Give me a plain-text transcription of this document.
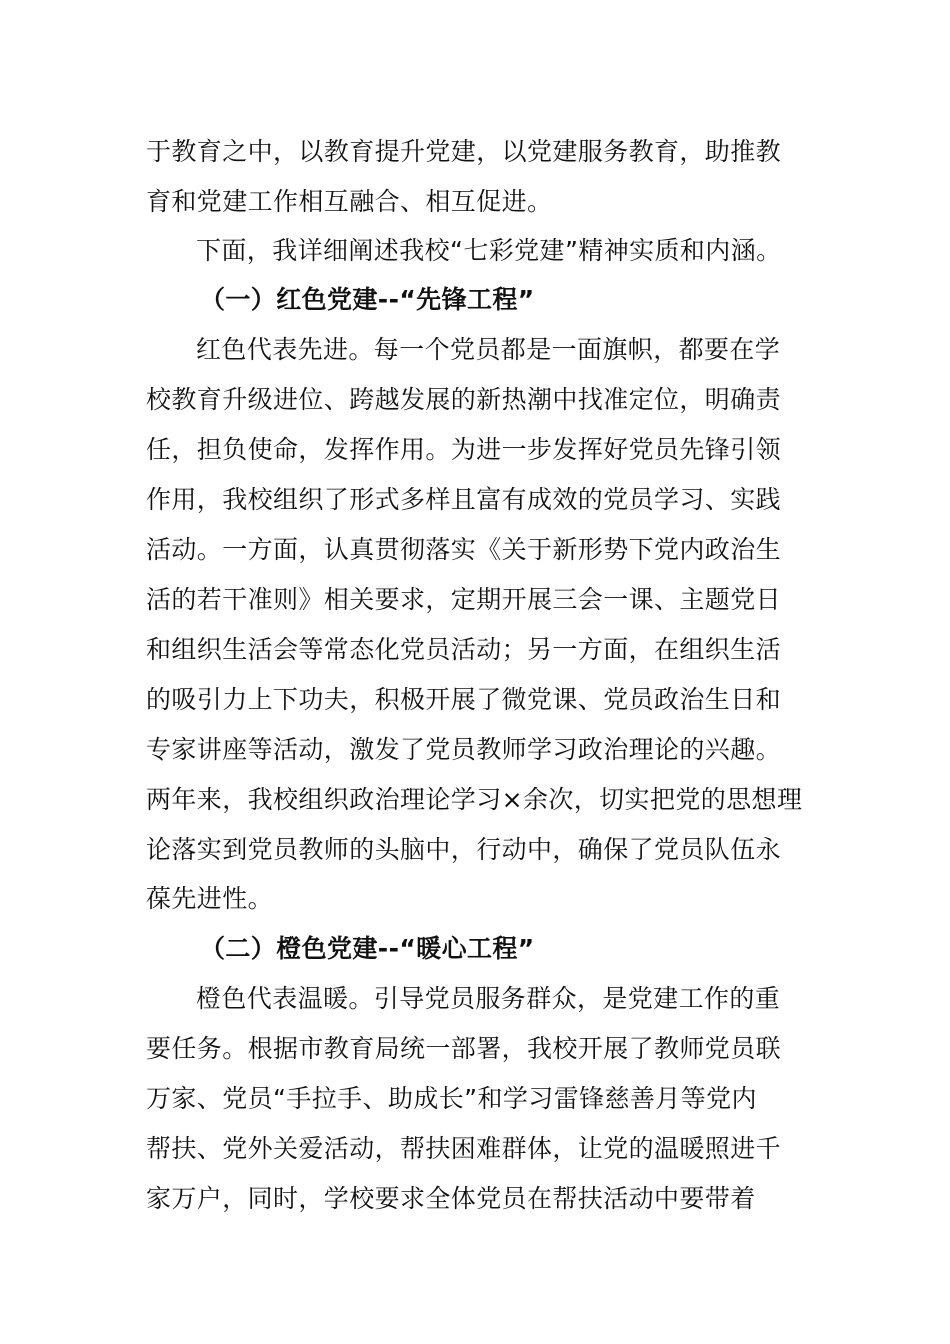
于教育之中，以教育提升党建，以党建服务教育，助推教
育和党建工作相互融合、相互促进。
下面，我详细阐述我校“七彩党建”精神实质和内涵。
（一）红色党建--“先锋工程”
红色代表先进。每一个党员都是一面旗帜，都要在学
校教育升级进位、跨越发展的新热潮中找准定位，明确责
任，担负使命，发挥作用。为进一步发挥好党员先锋引领
作用，我校组织了形式多样且富有成效的党员学习、实践
活动。一方面，认真贯彻落实《关于新形势下党内政治生
活的若干准则》相关要求，定期开展三会一课、主题党日
和组织生活会等常态化党员活动；另一方面，在组织生活
的吸引力上下功夫，积极开展了微党课、党员政治生日和
专家讲座等活动，激发了党员教师学习政治理论的兴趣。
两年来，我校组织政治理论学习×余次，切实把党的思想理
论落实到党员教师的头脑中，行动中，确保了党员队伍永
葆先进性。
（二）橙色党建--“暖心工程”
橙色代表温暖。引导党员服务群众，是党建工作的重
要任务。根据市教育局统一部署，我校开展了教师党员联
万家、党员“手拉手、助成长”和学习雷锋慈善月等党内
帮扶、党外关爱活动，帮扶困难群体，让党的温暖照进千
家万户，同时，学校要求全体党员在帮扶活动中要带着
